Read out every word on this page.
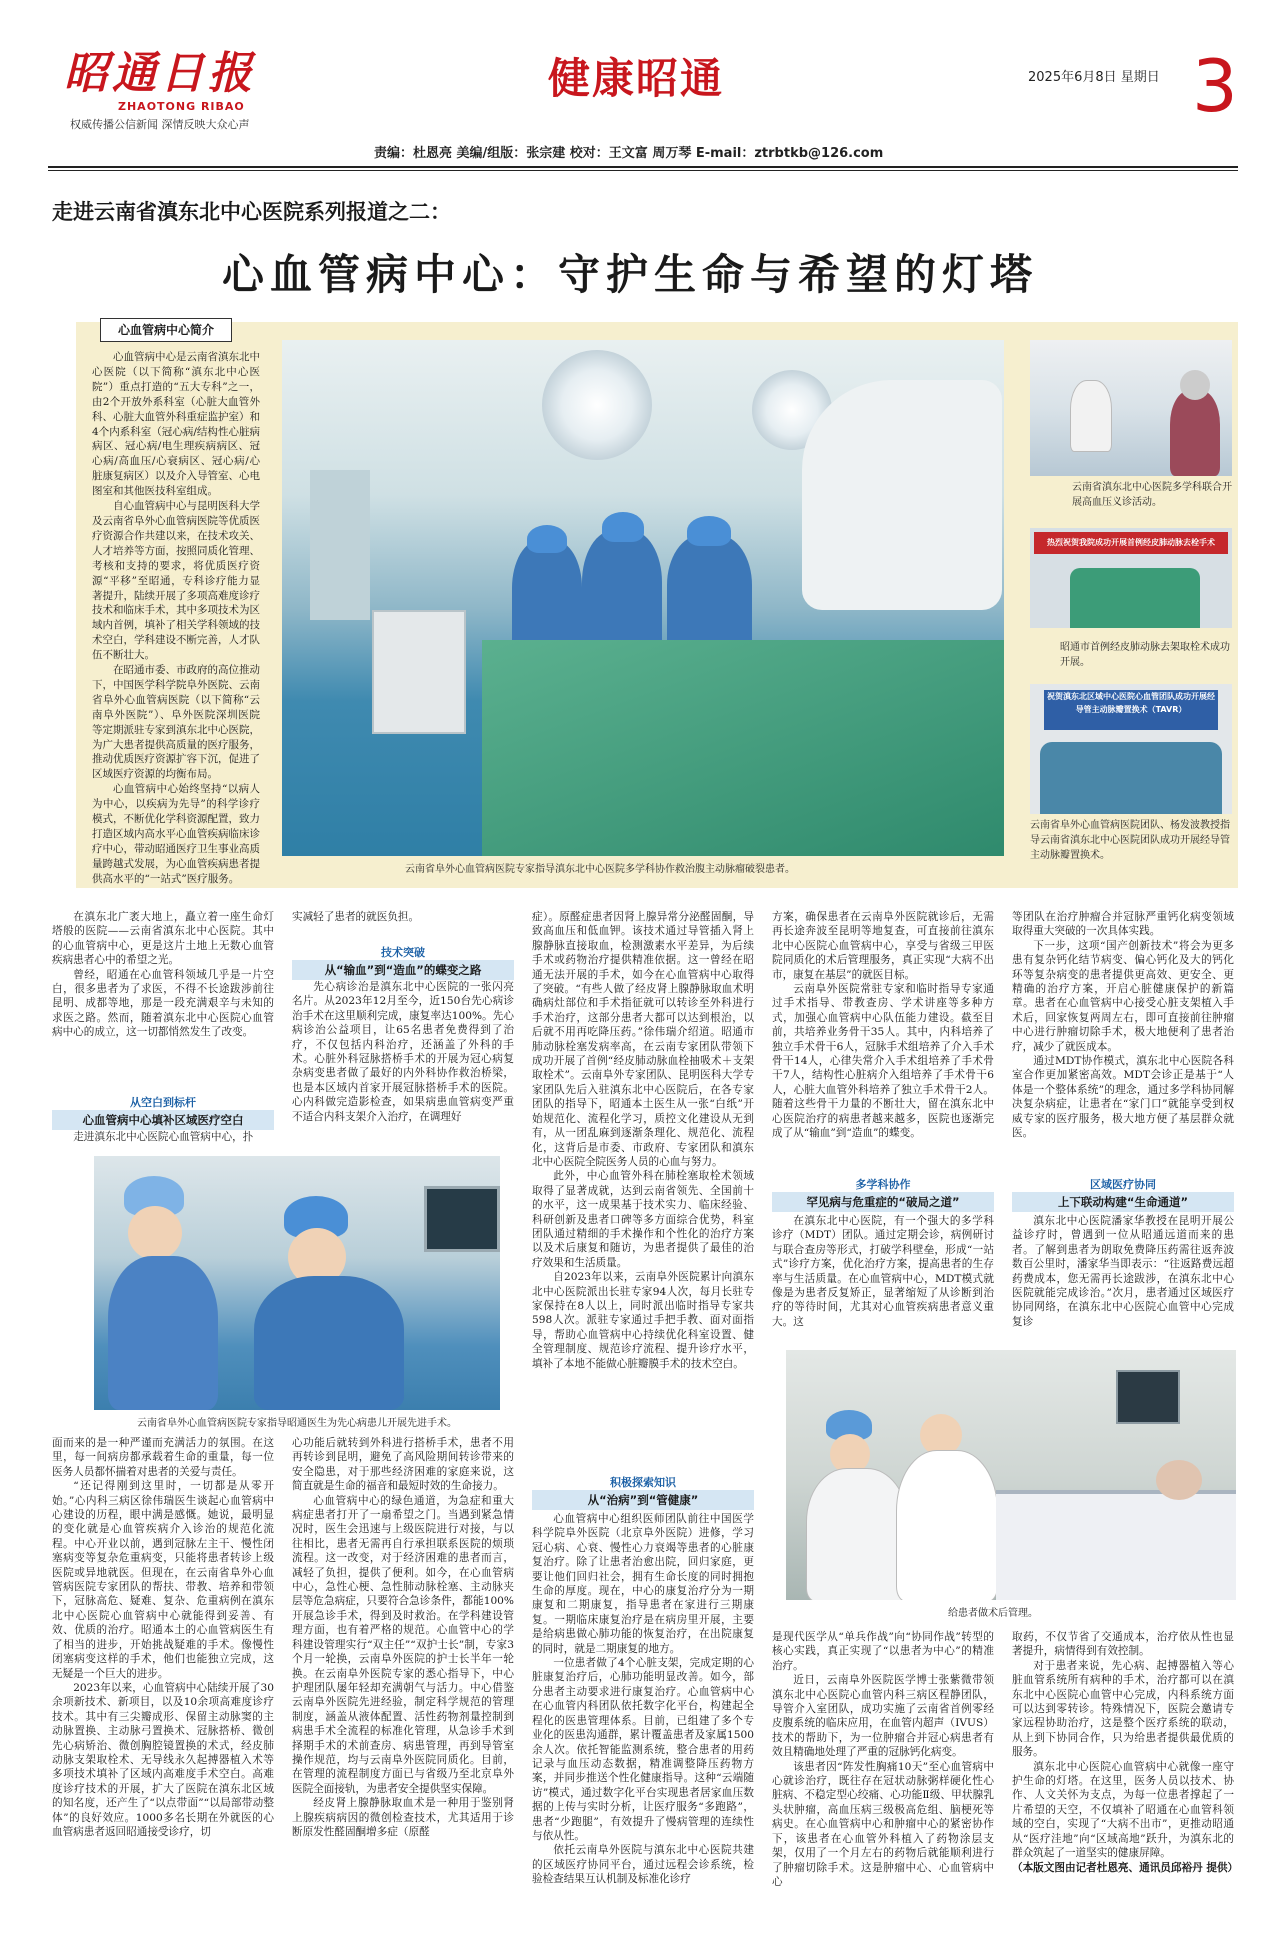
昭通日报
ZHAOTONG RIBAO
权威传播公信新闻 深情反映大众心声
健康昭通	2025年6月8日 星期日 3
责编：杜恩亮 美编/组版：张宗建 校对：王文富 周万琴 E-mail：ztrbtkb@126.com
走进云南省滇东北中心医院系列报道之二：
心血管病中心：守护生命与希望的灯塔
心血管病中心简介

心血管病中心是云南省滇东北中心医院（以下简称“滇东北中心医院”）重点打造的“五大专科”之一，由2个开放外系科室（心脏大血管外科、心脏大血管外科重症监护室）和4个内系科室（冠心病/结构性心脏病病区、冠心病/电生理疾病病区、冠心病/高血压/心衰病区、冠心病/心脏康复病区）以及介入导管室、心电图室和其他医技科室组成。

自心血管病中心与昆明医科大学及云南省阜外心血管病医院等优质医疗资源合作共建以来，在技术攻关、人才培养等方面，按照同质化管理、考核和支持的要求，将优质医疗资源“平移”至昭通，专科诊疗能力显著提升，陆续开展了多项高难度诊疗技术和临床手术，其中多项技术为区域内首例，填补了相关学科领域的技术空白，学科建设不断完善，人才队伍不断壮大。

在昭通市委、市政府的高位推动下，中国医学科学院阜外医院、云南省阜外心血管病医院（以下简称“云南阜外医院”）、阜外医院深圳医院等定期派驻专家到滇东北中心医院，为广大患者提供高质量的医疗服务，推动优质医疗资源扩容下沉，促进了区域医疗资源的均衡布局。

心血管病中心始终坚持“以病人为中心，以疾病为先导”的科学诊疗模式，不断优化学科资源配置，致力打造区域内高水平心血管疾病临床诊疗中心，带动昭通医疗卫生事业高质量跨越式发展，为心血管疾病患者提供高水平的“一站式”医疗服务。

云南省阜外心血管病医院专家指导滇东北中心医院多学科协作救治腹主动脉瘤破裂患者。
云南省滇东北中心医院多学科联合开展高血压义诊活动。
热烈祝贺我院成功开展首例经皮肺动脉去栓手术
昭通市首例经皮肺动脉去架取栓术成功开展。
祝贺滇东北区域中心医院心血管团队成功开展经导管主动脉瓣置换术（TAVR）
云南省阜外心血管病医院团队、杨发波教授指导云南省滇东北中心医院团队成功开展经导管主动脉瓣置换术。

在滇东北广袤大地上，矗立着一座生命灯塔般的医院——云南省滇东北中心医院。其中的心血管病中心，更是这片土地上无数心血管疾病患者心中的希望之光。

曾经，昭通在心血管科领域几乎是一片空白，很多患者为了求医，不得不长途跋涉前往昆明、成都等地，那是一段充满艰辛与未知的求医之路。然而，随着滇东北中心医院心血管病中心的成立，这一切都悄然发生了改变。

从空白到标杆
心血管病中心填补区域医疗空白

走进滇东北中心医院心血管病中心，扑

云南省阜外心血管病医院专家指导昭通医生为先心病患儿开展先进手术。

面而来的是一种严谨而充满活力的氛围。在这里，每一间病房都承载着生命的重量，每一位医务人员都怀揣着对患者的关爱与责任。

“还记得刚到这里时，一切都是从零开始。”心内科三病区徐伟瑞医生谈起心血管病中心建设的历程，眼中满是感慨。她说，最明显的变化就是心血管疾病介入诊治的规范化流程。中心开业以前，遇到冠脉左主干、慢性闭塞病变等复杂危重病变，只能将患者转诊上级医院或异地就医。但现在，在云南省阜外心血管病医院专家团队的帮扶、带教、培养和带领下，冠脉高危、疑难、复杂、危重病例在滇东北中心医院心血管病中心就能得到妥善、有效、优质的治疗。昭通本土的心血管病医生有了相当的进步，开始挑战疑难的手术。像慢性闭塞病变这样的手术，他们也能独立完成，这无疑是一个巨大的进步。

2023年以来，心血管病中心陆续开展了30余项新技术、新项目，以及10余项高难度诊疗技术。其中有三尖瓣成形、保留主动脉窦的主动脉置换、主动脉弓置换术、冠脉搭桥、微创先心病矫治、微创胸腔镜置换的术式，经皮肺动脉支架取栓术、无导线永久起搏器植入术等多项技术填补了区域内高难度手术空白。高难度诊疗技术的开展，扩大了医院在滇东北区域的知名度，还产生了“以点带面”“以局部带动整体”的良好效应。1000多名长期在外就医的心血管病患者返回昭通接受诊疗，切

实减轻了患者的就医负担。

技术突破
从“输血”到“造血”的蝶变之路

先心病诊治是滇东北中心医院的一张闪亮名片。从2023年12月至今，近150台先心病诊治手术在这里顺利完成，康复率达100%。先心病诊治公益项目，让65名患者免费得到了治疗，不仅包括内科治疗，还涵盖了外科的手术。心脏外科冠脉搭桥手术的开展为冠心病复杂病变患者做了最好的内外科协作救治桥梁，也是本区域内首家开展冠脉搭桥手术的医院。心内科做完造影检查，如果病患血管病变严重不适合内科支架介入治疗，在调理好

心功能后就转到外科进行搭桥手术，患者不用再转诊到昆明，避免了高风险期间转诊带来的安全隐患，对于那些经济困难的家庭来说，这简直就是生命的福音和最短时效的生命接力。

心血管病中心的绿色通道，为急症和重大病症患者打开了一扇希望之门。当遇到紧急情况时，医生会迅速与上级医院进行对接，与以往相比，患者无需再自行承担联系医院的烦琐流程。这一改变，对于经济困难的患者而言，减轻了负担，提供了便利。如今，在心血管病中心，急性心梗、急性肺动脉栓塞、主动脉夹层等危急病症，只要符合急诊条件，都能100%开展急诊手术，得到及时救治。在学科建设管理方面，也有着严格的规范。心血管中心的学科建设管理实行“双主任”“双护士长”制，专家3个月一轮换，云南阜外医院的护士长半年一轮换。在云南阜外医院专家的悉心指导下，中心护理团队屡年轻却充满朝气与活力。中心借鉴云南阜外医院先进经验，制定科学规范的管理制度，涵盖从液体配置、活性药物剂量控制到病患手术全流程的标准化管理，从急诊手术到择期手术的术前查房、病患管理，再到导管室操作规范，均与云南阜外医院同质化。目前，在管理的流程制度方面已与省级乃至北京阜外医院全面接轨，为患者安全提供坚实保障。

经皮肾上腺静脉取血术是一种用于鉴别肾上腺疾病病因的微创检查技术，尤其适用于诊断原发性醛固酮增多症（原醛

症）。原醛症患者因肾上腺异常分泌醛固酮，导致高血压和低血钾。该技术通过导管插入肾上腺静脉直接取血，检测激素水平差异，为后续手术或药物治疗提供精准依据。这一曾经在昭通无法开展的手术，如今在心血管病中心取得了突破。“有些人做了经皮肾上腺静脉取血术明确病灶部位和手术指征就可以转诊至外科进行手术治疗，这部分患者大都可以达到根治，以后就不用再吃降压药。”徐伟瑞介绍道。昭通市肺动脉栓塞发病率高，在云南专家团队带领下成功开展了首例“经皮肺动脉血栓抽吸术＋支架取栓术”。云南阜外专家团队、昆明医科大学专家团队先后入驻滇东北中心医院后，在各专家团队的指导下，昭通本土医生从一张“白纸”开始规范化、流程化学习，质控文化建设从无到有，从一团乱麻到逐渐条理化、规范化、流程化，这背后是市委、市政府、专家团队和滇东北中心医院全院医务人员的心血与努力。

此外，中心血管外科在肺栓塞取栓术领域取得了显著成就，达到云南省领先、全国前十的水平，这一成果基于技术实力、临床经验、科研创新及患者口碑等多方面综合优势，科室团队通过精细的手术操作和个性化的治疗方案以及术后康复和随访，为患者提供了最佳的治疗效果和生活质量。

自2023年以来，云南阜外医院累计向滇东北中心医院派出长驻专家94人次，每月长驻专家保持在8人以上，同时派出临时指导专家共598人次。派驻专家通过手把手教、面对面指导，帮助心血管病中心持续优化科室设置、健全管理制度、规范诊疗流程、提升诊疗水平，填补了本地不能做心脏瓣膜手术的技术空白。

积极探索知识
从“治病”到“管健康”

心血管病中心组织医师团队前往中国医学科学院阜外医院（北京阜外医院）进修，学习冠心病、心衰、慢性心力衰竭等患者的心脏康复治疗。除了让患者治愈出院，回归家庭，更要让他们回归社会，拥有生命长度的同时拥抱生命的厚度。现在，中心的康复治疗分为一期康复和二期康复，指导患者在家进行三期康复。一期临床康复治疗是在病房里开展，主要是给病患做心肺功能的恢复治疗，在出院康复的同时，就是二期康复的地方。

一位患者做了4个心脏支架，完成定期的心脏康复治疗后，心肺功能明显改善。如今，部分患者主动要求进行康复治疗。心血管病中心在心血管内科团队依托数字化平台，构建起全程化的医患管理体系。目前，已组建了多个专业化的医患沟通群，累计覆盖患者及家属1500余人次。依托智能监测系统，整合患者的用药记录与血压动态数据，精准调整降压药物方案，并同步推送个性化健康指导。这种“云端随访”模式，通过数字化平台实现患者居家血压数据的上传与实时分析，让医疗服务“多跑路”，患者“少跑腿”，有效提升了慢病管理的连续性与依从性。

依托云南阜外医院与滇东北中心医院共建的区域医疗协同平台，通过远程会诊系统，检验检查结果互认机制及标准化诊疗

方案，确保患者在云南阜外医院就诊后，无需再长途奔波至昆明等地复查，可直接前往滇东北中心医院心血管病中心，享受与省级三甲医院同质化的术后管理服务，真正实现“大病不出市，康复在基层”的就医目标。

云南阜外医院常驻专家和临时指导专家通过手术指导、带教查房、学术讲座等多种方式，加强心血管病中心队伍能力建设。截至目前，共培养业务骨干35人。其中，内科培养了独立手术骨干6人，冠脉手术组培养了介入手术骨干14人，心律失常介入手术组培养了手术骨干7人，结构性心脏病介入组培养了手术骨干6人，心脏大血管外科培养了独立手术骨干2人。随着这些骨干力量的不断壮大，留在滇东北中心医院治疗的病患者越来越多，医院也逐渐完成了从“输血”到“造血”的蝶变。

多学科协作
罕见病与危重症的“破局之道”

在滇东北中心医院，有一个强大的多学科诊疗（MDT）团队。通过定期会诊，病例研讨与联合查房等形式，打破学科壁垒，形成“一站式”诊疗方案，优化治疗方案，提高患者的生存率与生活质量。在心血管病中心，MDT模式就像是为患者反复矫正，显著缩短了从诊断到治疗的等待时间，尤其对心血管疾病患者意义重大。这

给患者做术后管理。

是现代医学从“单兵作战”向“协同作战”转型的核心实践，真正实现了“以患者为中心”的精准治疗。

近日，云南阜外医院医学博士张紫微带领滇东北中心医院心血管内科三病区程静团队，导管介入室团队，成功实施了云南省首例零经皮腹系统的临床应用，在血管内超声（IVUS）技术的帮助下，为一位肿瘤合并冠心病患者有效且精确地处理了严重的冠脉钙化病变。

该患者因“阵发性胸痛10天”至心血管病中心就诊治疗，既往存在冠状动脉粥样硬化性心脏病、不稳定型心绞痛、心功能Ⅱ级、甲状腺乳头状肿瘤，高血压病三级极高危组、脑梗死等病史。在心血管病中心和肿瘤中心的紧密协作下，该患者在心血管外科植入了药物涂层支架，仅用了一个月左右的药物后就能顺利进行了肿瘤切除手术。这是肿瘤中心、心血管病中心

等团队在治疗肿瘤合并冠脉严重钙化病变领域取得重大突破的一次具体实践。

下一步，这项“国产创新技术”将会为更多患有复杂钙化结节病变、偏心钙化及大的钙化环等复杂病变的患者提供更高效、更安全、更精确的治疗方案，开启心脏健康保护的新篇章。患者在心血管病中心接受心脏支架植入手术后，回家恢复两周左右，即可直接前往肿瘤中心进行肿瘤切除手术，极大地便利了患者治疗，减少了就医成本。

通过MDT协作模式，滇东北中心医院各科室合作更加紧密高效。MDT会诊正是基于“人体是一个整体系统”的理念，通过多学科协同解决复杂病症，让患者在“家门口”就能享受到权威专家的医疗服务，极大地方便了基层群众就医。

区域医疗协同
上下联动构建“生命通道”

滇东北中心医院潘家华教授在昆明开展公益诊疗时，曾遇到一位从昭通远道而来的患者。了解到患者为朗取免费降压药需往返奔波数百公里时，潘家华当即表示：“往返路费远超药费成本，您无需再长途跋涉，在滇东北中心医院就能完成诊治。”次月，患者通过区域医疗协同网络，在滇东北中心医院心血管中心完成复诊

取药，不仅节省了交通成本，治疗依从性也显著提升，病情得到有效控制。

对于患者来说，先心病、起搏器植入等心脏血管系统所有病种的手术，治疗都可以在滇东北中心医院心血管中心完成，内科系统方面可以达到零转诊。特殊情况下，医院会邀请专家远程协助治疗，这是整个医疗系统的联动，从上到下协同合作，只为给患者提供最优质的服务。

滇东北中心医院心血管病中心就像一座守护生命的灯塔。在这里，医务人员以技术、协作、人文关怀为支点，为每一位患者撑起了一片希望的天空，不仅填补了昭通在心血管科领域的空白，实现了“大病不出市”，更推动昭通从“医疗洼地”向“区域高地”跃升，为滇东北的群众筑起了一道坚实的健康屏障。

（本版文图由记者杜恩亮、通讯员邱裕丹 提供）
